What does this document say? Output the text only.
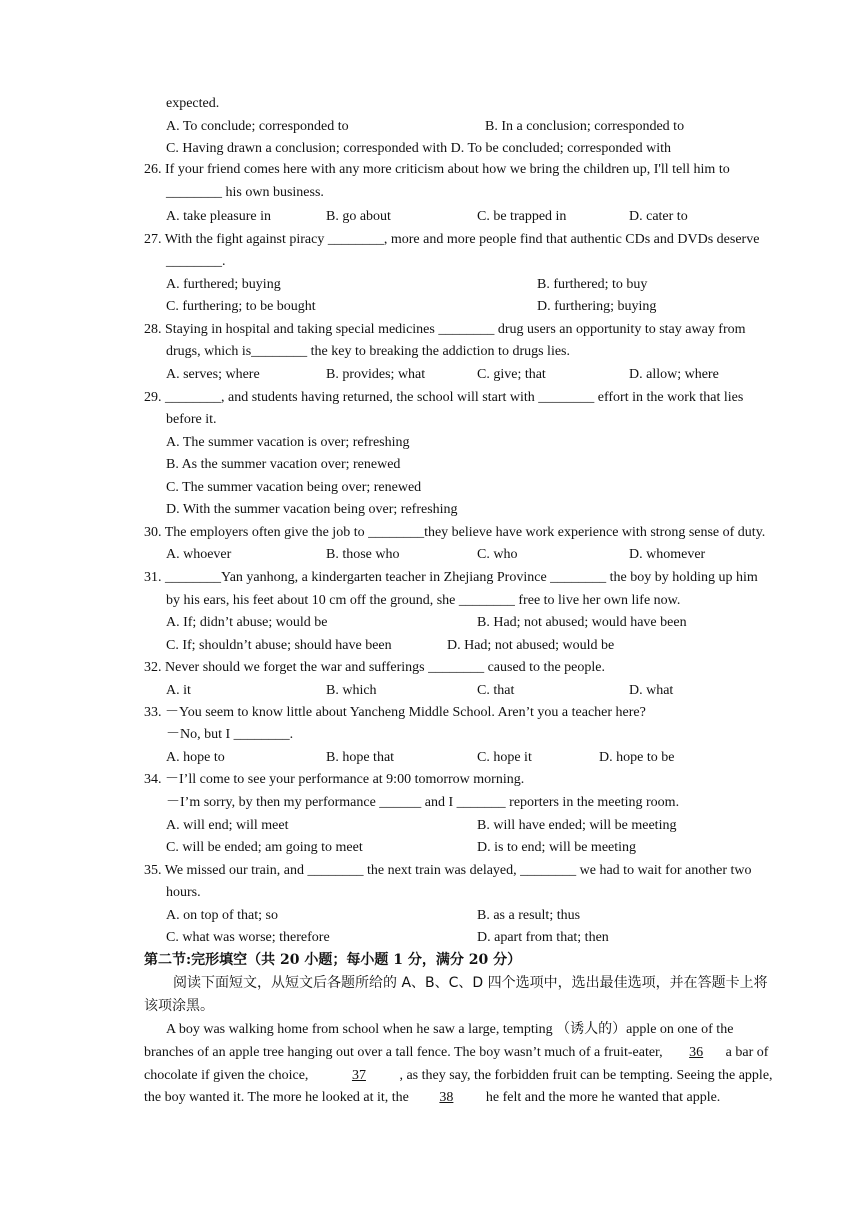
expected.
A. To conclude; corresponded to	B. In a conclusion; corresponded to
C. Having drawn a conclusion; corresponded with D. To be concluded; corresponded with
26. If your friend comes here with any more criticism about how we bring the children up, I'll tell him to
________ his own business.
A. take pleasure in	B. go about	C. be trapped in	D. cater to
27. With the fight against piracy ________, more and more people find that authentic CDs and DVDs deserve
________.
A. furthered; buying	B. furthered; to buy
C. furthering; to be bought	D. furthering; buying
28. Staying in hospital and taking special medicines ________ drug users an opportunity to stay away from
drugs, which is________ the key to breaking the addiction to drugs lies.
A. serves; where	B. provides; what	C. give; that	D. allow; where
29. ________, and students having returned, the school will start with ________ effort in the work that lies
before it.
A. The summer vacation is over; refreshing
B. As the summer vacation over; renewed
C. The summer vacation being over; renewed
D. With the summer vacation being over; refreshing
30. The employers often give the job to ________they believe have work experience with strong sense of duty.
A. whoever	B. those who	C. who	D. whomever
31. ________Yan yanhong, a kindergarten teacher in Zhejiang Province ________ the boy by holding up him
by his ears, his feet about 10 cm off the ground, she ________ free to live her own life now.
A. If; didn’t abuse; would be	B. Had; not abused; would have been
C. If; shouldn’t abuse; should have been	D. Had; not abused; would be
32. Never should we forget the war and sufferings ________ caused to the people.
A. it	B. which	C. that	D. what
33. －You seem to know little about Yancheng Middle School. Aren’t you a teacher here?
－No, but I ________.
A. hope to	B. hope that	C. hope it	D. hope to be
34. －I’ll come to see your performance at 9:00 tomorrow morning.
－I’m sorry, by then my performance ______ and I _______ reporters in the meeting room.
A. will end; will meet	B. will have ended; will be meeting
C. will be ended; am going to meet	D. is to end; will be meeting
35. We missed our train, and ________ the next train was delayed, ________ we had to wait for another two
hours.
A. on top of that; so	B. as a result; thus
C. what was worse; therefore	D. apart from that; then
第二节:完形填空（共 20 小题；每小题 1 分，满分 20 分）
阅读下面短文，从短文后各题所给的 A、B、C、D 四个选项中，选出最佳选项，并在答题卡上将
该项涂黑。
A boy was walking home from school when he saw a large, tempting （诱人的）apple on one of the
branches of an apple tree hanging out over a tall fence. The boy wasn’t much of a fruit-eater, 36 a bar of
chocolate if given the choice,	37 , as they say, the forbidden fruit can be tempting. Seeing the apple,
the boy wanted it. The more he looked at it, the 38 he felt and the more he wanted that apple.
